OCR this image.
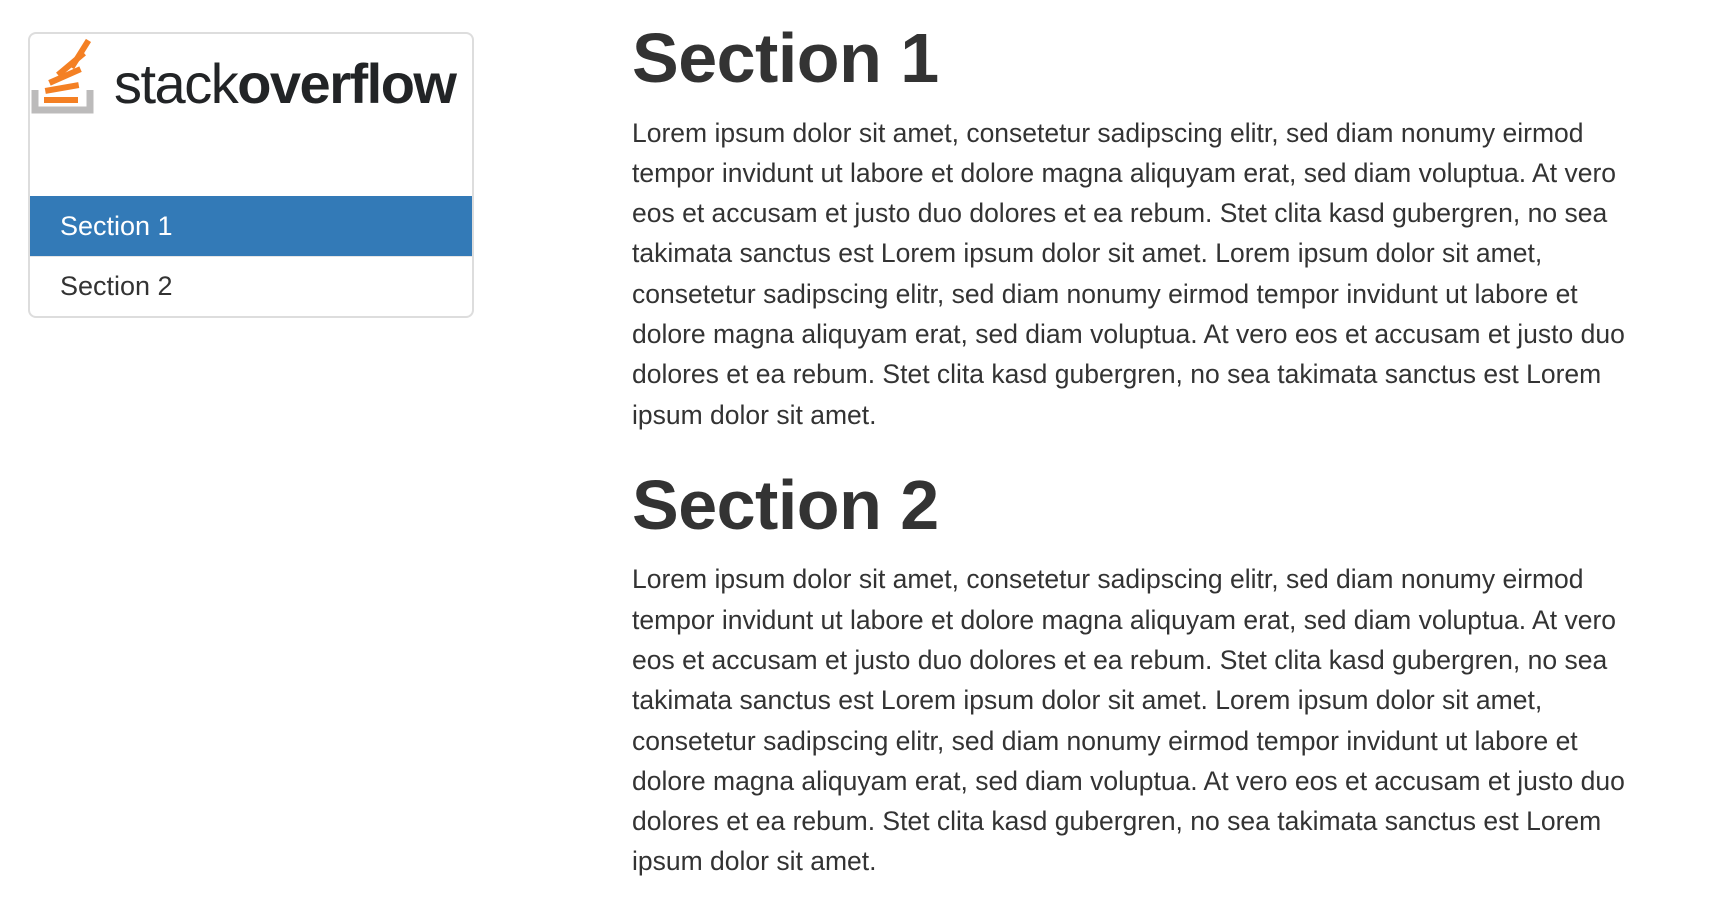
stackoverflow
Section 1
Section 2
Section 1

Lorem ipsum dolor sit amet, consetetur sadipscing elitr, sed diam nonumy eirmod tempor invidunt ut labore et dolore magna aliquyam erat, sed diam voluptua. At vero eos et accusam et justo duo dolores et ea rebum. Stet clita kasd gubergren, no sea takimata sanctus est Lorem ipsum dolor sit amet. Lorem ipsum dolor sit amet, consetetur sadipscing elitr, sed diam nonumy eirmod tempor invidunt ut labore et dolore magna aliquyam erat, sed diam voluptua. At vero eos et accusam et justo duo dolores et ea rebum. Stet clita kasd gubergren, no sea takimata sanctus est Lorem ipsum dolor sit amet.

Section 2

Lorem ipsum dolor sit amet, consetetur sadipscing elitr, sed diam nonumy eirmod tempor invidunt ut labore et dolore magna aliquyam erat, sed diam voluptua. At vero eos et accusam et justo duo dolores et ea rebum. Stet clita kasd gubergren, no sea takimata sanctus est Lorem ipsum dolor sit amet. Lorem ipsum dolor sit amet, consetetur sadipscing elitr, sed diam nonumy eirmod tempor invidunt ut labore et dolore magna aliquyam erat, sed diam voluptua. At vero eos et accusam et justo duo dolores et ea rebum. Stet clita kasd gubergren, no sea takimata sanctus est Lorem ipsum dolor sit amet.
